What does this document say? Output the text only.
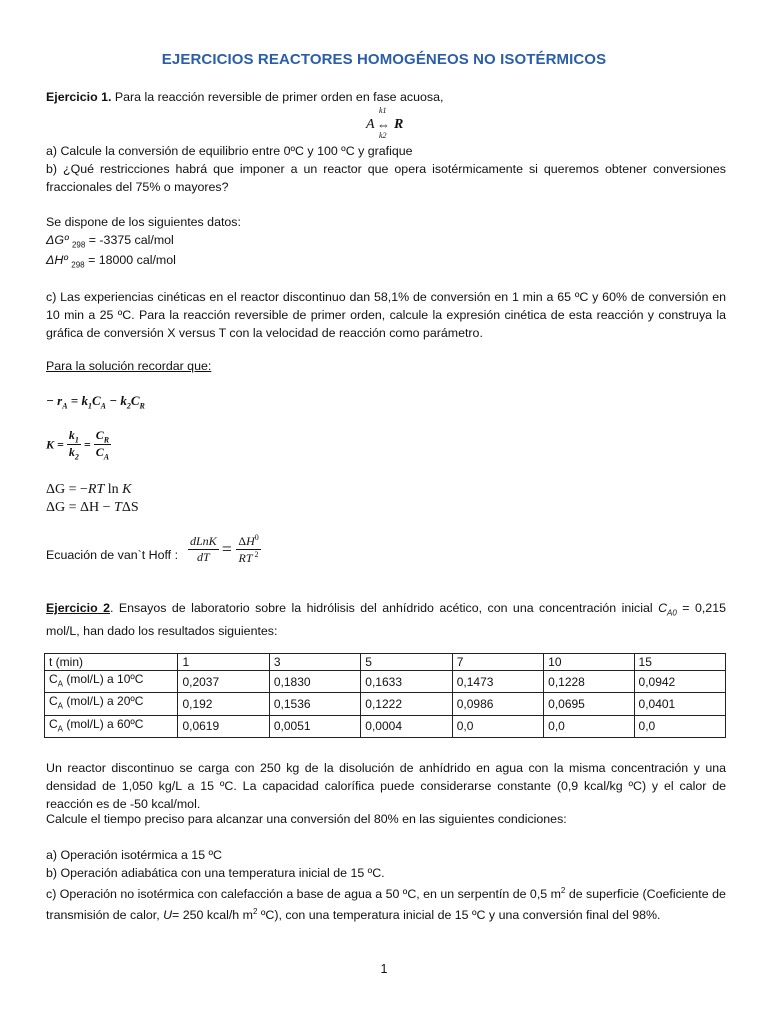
EJERCICIOS REACTORES HOMOGÉNEOS NO ISOTÉRMICOS
Ejercicio 1. Para la reacción reversible de primer orden en fase acuosa,
k1
A ⇔ R
k2
a) Calcule la conversión de equilibrio entre 0ºC y 100 ºC y grafique
b) ¿Qué restricciones habrá que imponer a un reactor que opera isotérmicamente si queremos obtener conversiones fraccionales del 75% o mayores?
Se dispone de los siguientes datos:
ΔGº $_{298}$ = -3375 cal/mol
ΔHº $_{298}$ = 18000 cal/mol
c) Las experiencias cinéticas en el reactor discontinuo dan 58,1% de conversión en 1 min a 65 ºC y 60% de conversión en 10 min a 25 ºC. Para la reacción reversible de primer orden, calcule la expresión cinética de esta reacción y construya la gráfica de conversión X versus T con la velocidad de reacción como parámetro.
Para la solución recordar que:
− $r_A = k_1C_A - k_2C_R$
$K = \frac{k_1}{k_2} = \frac{C_R}{C_A}$
ΔG = −RT ln K
ΔG = ΔH − TΔS
Ecuación de van`t Hoff : $\frac{\text{dLnK}}{dT} = \frac{\Delta H^0}{RT ^2}$
Ejercicio 2. Ensayos de laboratorio sobre la hidrólisis del anhídrido acético, con una concentración inicial $C_{A0} = 0,215$ mol/L, han dado los resultados siguientes:
t (min)	1	3	5	7	10	15
$C_A$ (mol/L) a 10ºC	0,2037	0,1830	0,1633	0,1473	0,1228	0,0942
$C_A$ (mol/L) a 20ºC	0,192	0,1536	0,1222	0,0986	0,0695	0,0401
$C_A$ (mol/L) a 60ºC	0,0619	0,0051	0,0004	0,0	0,0	0,0
Un reactor discontinuo se carga con 250 kg de la disolución de anhídrido en agua con la misma concentración y una densidad de 1,050 kg/L a 15 ºC. La capacidad calorífica puede considerarse constante (0,9 kcal/kg ºC) y el calor de reacción es de -50 kcal/mol.
Calcule el tiempo preciso para alcanzar una conversión del 80% en las siguientes condiciones:
a) Operación isotérmica a 15 ºC
b) Operación adiabática con una temperatura inicial de 15 ºC.
c) Operación no isotérmica con calefacción a base de agua a 50 ºC, en un serpentín de 0,5 $m^2$ de superficie (Coeficiente de transmisión de calor, U= 250 kcal/h $m^2$ ºC), con una temperatura inicial de 15 ºC y una conversión final del 98%.
1
